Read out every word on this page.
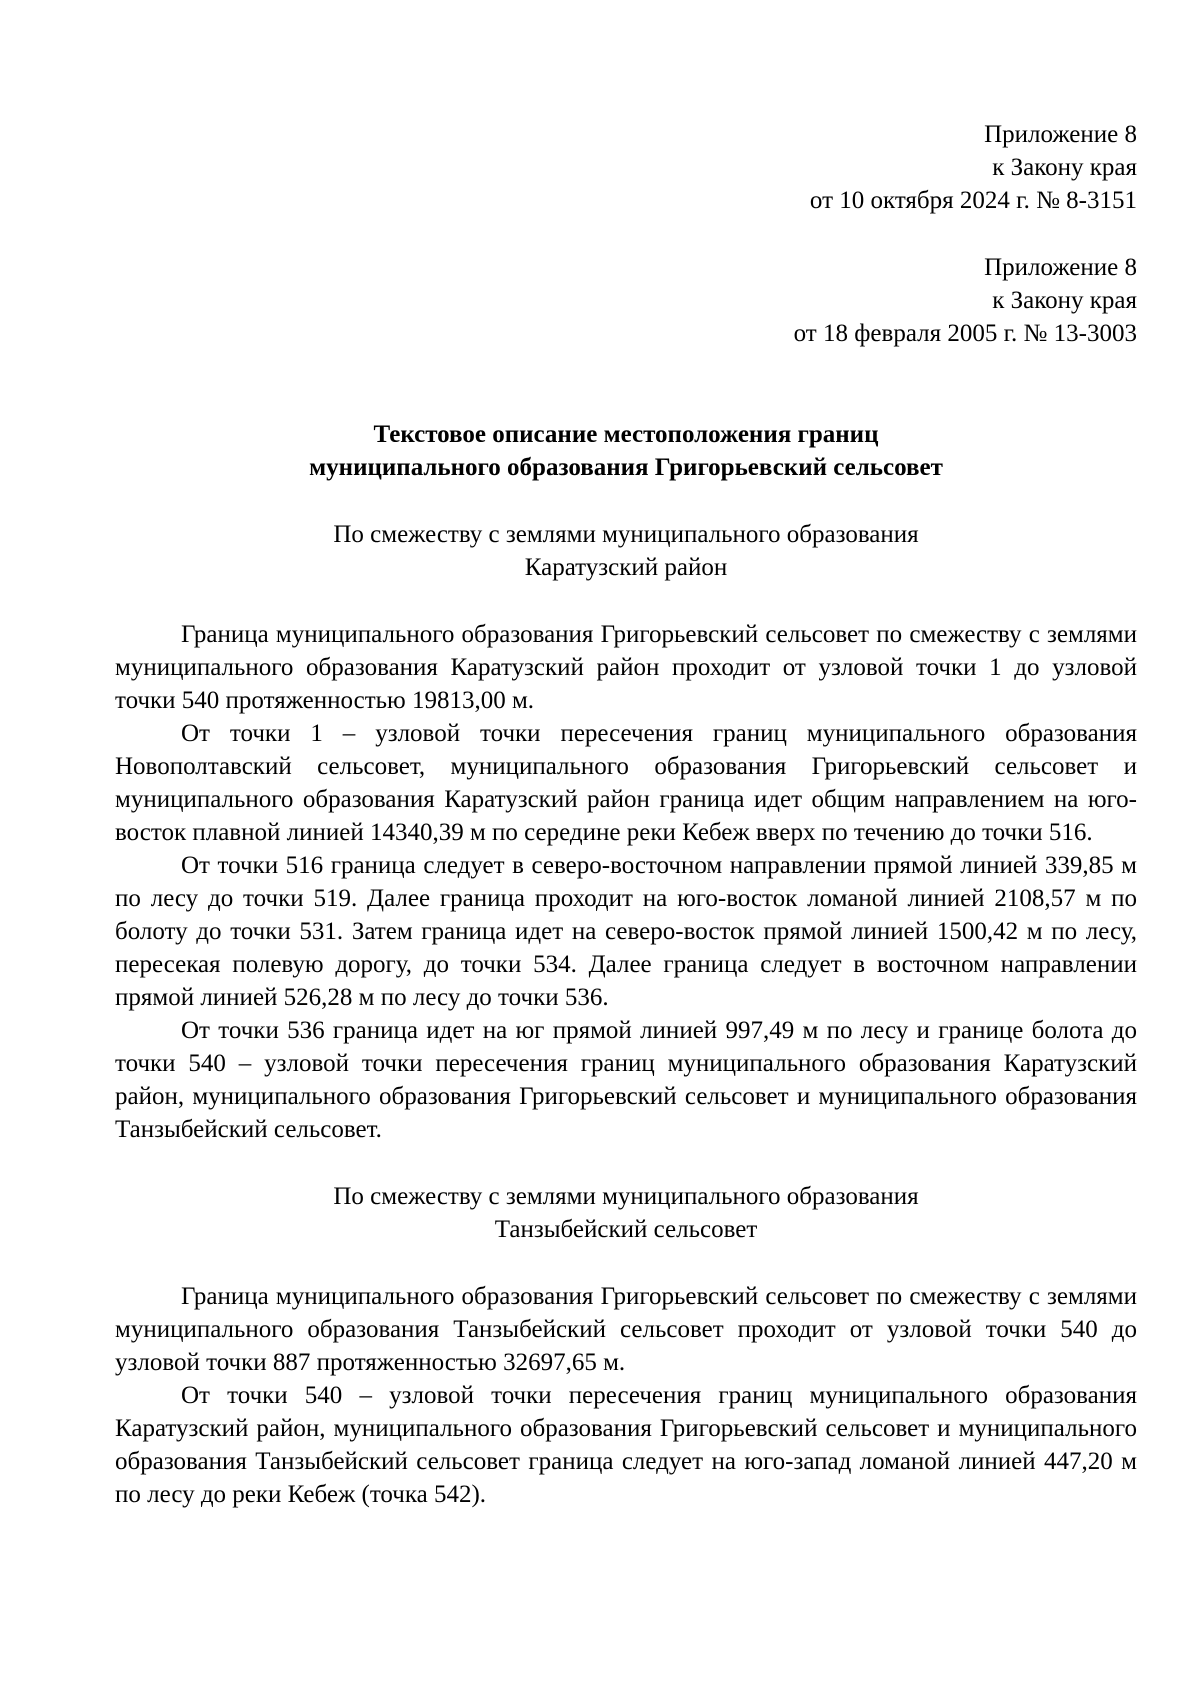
Приложение 8
к Закону края
от 10 октября 2024 г. № 8-3151
Приложение 8
к Закону края
от 18 февраля 2005 г. № 13-3003
Текстовое описание местоположения границ
муниципального образования Григорьевский сельсовет
По смежеству с землями муниципального образования
Каратузский район

Граница муниципального образования Григорьевский сельсовет по смежеству с землями муниципального образования Каратузский район проходит от узловой точки 1 до узловой точки 540 протяженностью 19813,00 м.

От точки 1 – узловой точки пересечения границ муниципального образования Новополтавский сельсовет, муниципального образования Григорьевский сельсовет и муниципального образования Каратузский район граница идет общим направлением на юго-восток плавной линией 14340,39 м по середине реки Кебеж вверх по течению до точки 516.

От точки 516 граница следует в северо-восточном направлении прямой линией 339,85 м по лесу до точки 519. Далее граница проходит на юго-восток ломаной линией 2108,57 м по болоту до точки 531. Затем граница идет на северо-восток прямой линией 1500,42 м по лесу, пересекая полевую дорогу, до точки 534. Далее граница следует в восточном направлении прямой линией 526,28 м по лесу до точки 536.

От точки 536 граница идет на юг прямой линией 997,49 м по лесу и границе болота до точки 540 – узловой точки пересечения границ муниципального образования Каратузский район, муниципального образования Григорьевский сельсовет и муниципального образования Танзыбейский сельсовет.

По смежеству с землями муниципального образования
Танзыбейский сельсовет

Граница муниципального образования Григорьевский сельсовет по смежеству с землями муниципального образования Танзыбейский сельсовет проходит от узловой точки 540 до узловой точки 887 протяженностью 32697,65 м.

От точки 540 – узловой точки пересечения границ муниципального образования Каратузский район, муниципального образования Григорьевский сельсовет и муниципального образования Танзыбейский сельсовет граница следует на юго-запад ломаной линией 447,20 м по лесу до реки Кебеж (точка 542).
